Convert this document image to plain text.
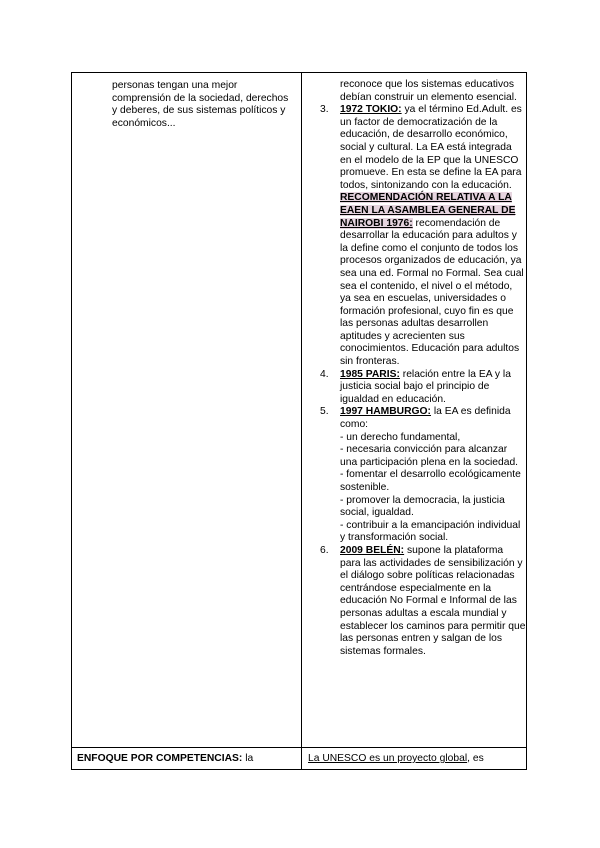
personas tengan una mejor comprensión de la sociedad, derechos y deberes, de sus sistemas políticos y económicos...
reconoce que los sistemas educativos debían construir un elemento esencial.
3. 1972 TOKIO: ya el término Ed.Adult. es un factor de democratización de la educación, de desarrollo económico, social y cultural. La EA está integrada en el modelo de la EP que la UNESCO promueve. En esta se define la EA para todos, sintonizando con la educación. RECOMENDACIÓN RELATIVA A LA EAEN LA ASAMBLEA GENERAL DE NAIROBI 1976: recomendación de desarrollar la educación para adultos y la define como el conjunto de todos los procesos organizados de educación, ya sea una ed. Formal no Formal. Sea cual sea el contenido, el nivel o el método, ya sea en escuelas, universidades o formación profesional, cuyo fin es que las personas adultas desarrollen aptitudes y acrecienten sus conocimientos. Educación para adultos sin fronteras.
4. 1985 PARIS: relación entre la EA y la justicia social bajo el principio de igualdad en educación.
5. 1997 HAMBURGO: la EA es definida como:
- un derecho fundamental,
- necesaria convicción para alcanzar una participación plena en la sociedad.
- fomentar el desarrollo ecológicamente sostenible.
- promover la democracia, la justicia social, igualdad.
- contribuir a la emancipación individual y transformación social.
6. 2009 BELÉN: supone la plataforma para las actividades de sensibilización y el diálogo sobre políticas relacionadas centrándose especialmente en la educación No Formal e Informal de las personas adultas a escala mundial y establecer los caminos para permitir que las personas entren y salgan de los sistemas formales.
ENFOQUE POR COMPETENCIAS: la	La UNESCO es un proyecto global, es
